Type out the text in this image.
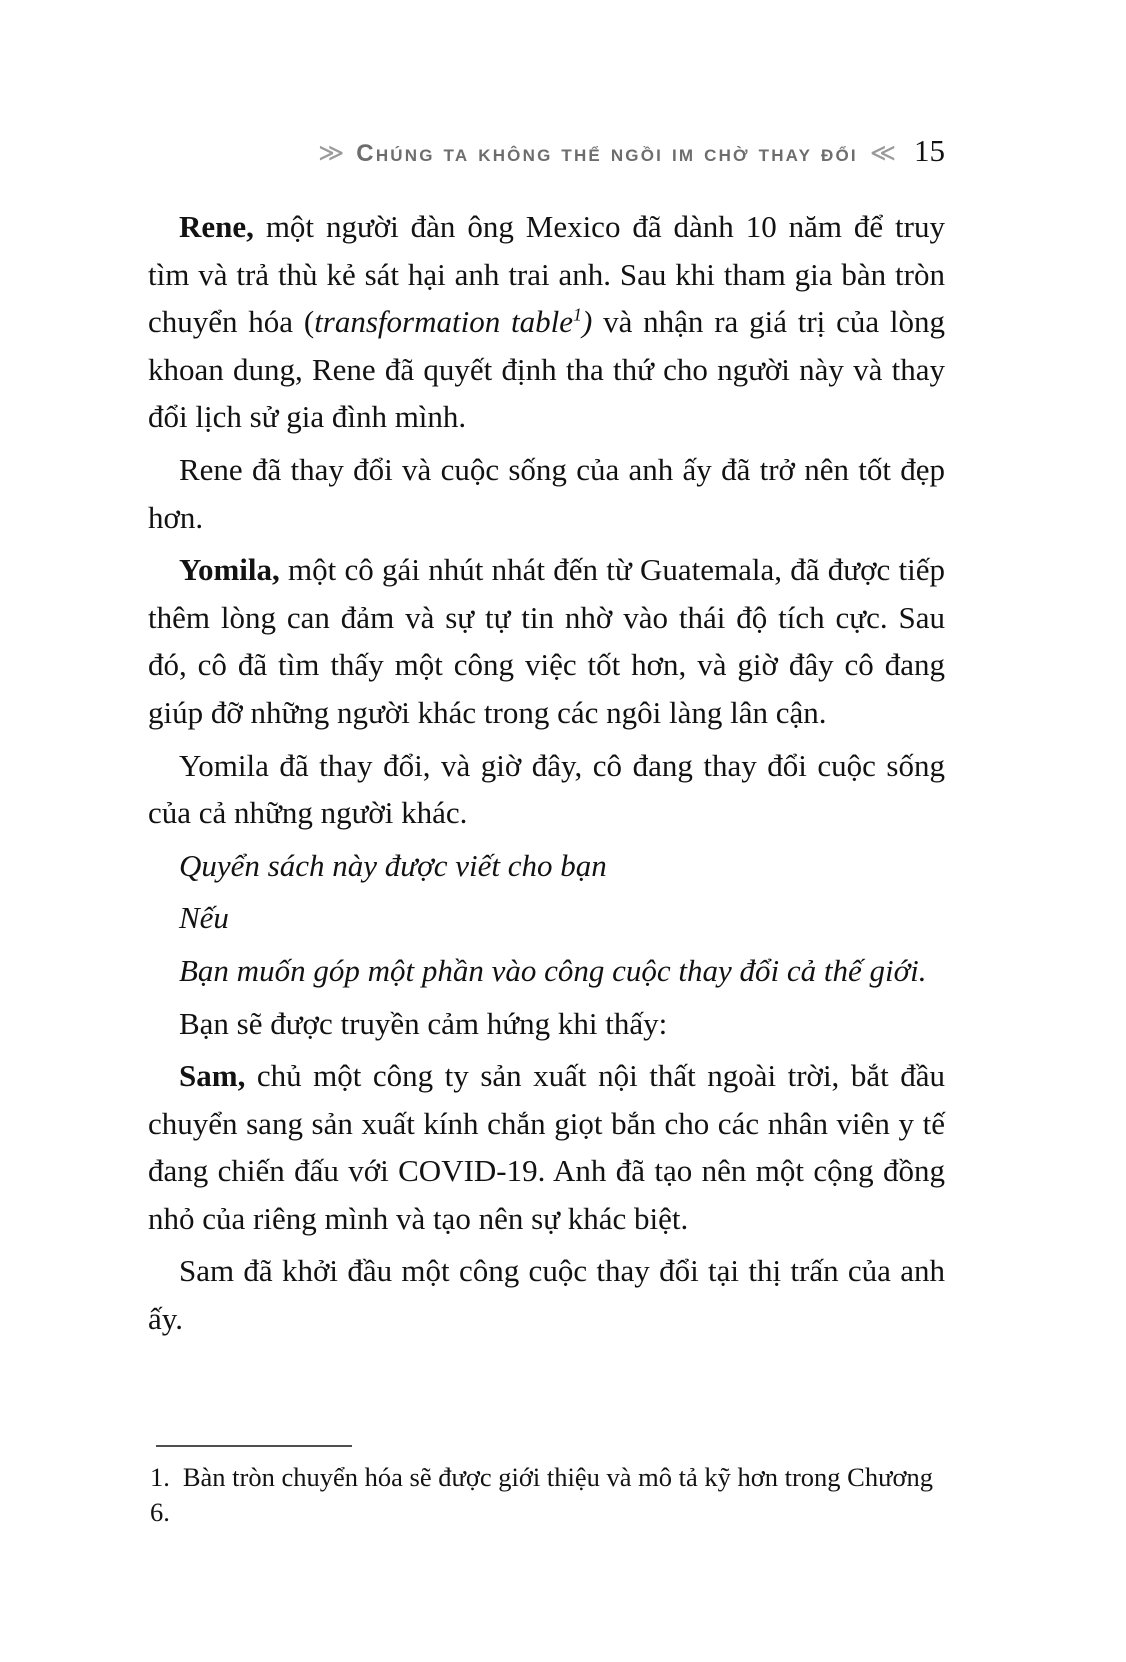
≫ Chúng ta không thể ngồi im chờ thay đổi ≪ 15

Rene, một người đàn ông Mexico đã dành 10 năm để truy tìm và trả thù kẻ sát hại anh trai anh. Sau khi tham gia bàn tròn chuyển hóa (transformation table$^1$) và nhận ra giá trị của lòng khoan dung, Rene đã quyết định tha thứ cho người này và thay đổi lịch sử gia đình mình.

Rene đã thay đổi và cuộc sống của anh ấy đã trở nên tốt đẹp hơn.

Yomila, một cô gái nhút nhát đến từ Guatemala, đã được tiếp thêm lòng can đảm và sự tự tin nhờ vào thái độ tích cực. Sau đó, cô đã tìm thấy một công việc tốt hơn, và giờ đây cô đang giúp đỡ những người khác trong các ngôi làng lân cận.

Yomila đã thay đổi, và giờ đây, cô đang thay đổi cuộc sống của cả những người khác.

Quyển sách này được viết cho bạn

Nếu

Bạn muốn góp một phần vào công cuộc thay đổi cả thế giới.

Bạn sẽ được truyền cảm hứng khi thấy:

Sam, chủ một công ty sản xuất nội thất ngoài trời, bắt đầu chuyển sang sản xuất kính chắn giọt bắn cho các nhân viên y tế đang chiến đấu với COVID-19. Anh đã tạo nên một cộng đồng nhỏ của riêng mình và tạo nên sự khác biệt.

Sam đã khởi đầu một công cuộc thay đổi tại thị trấn của anh ấy.

1. Bàn tròn chuyển hóa sẽ được giới thiệu và mô tả kỹ hơn trong Chương 6.
